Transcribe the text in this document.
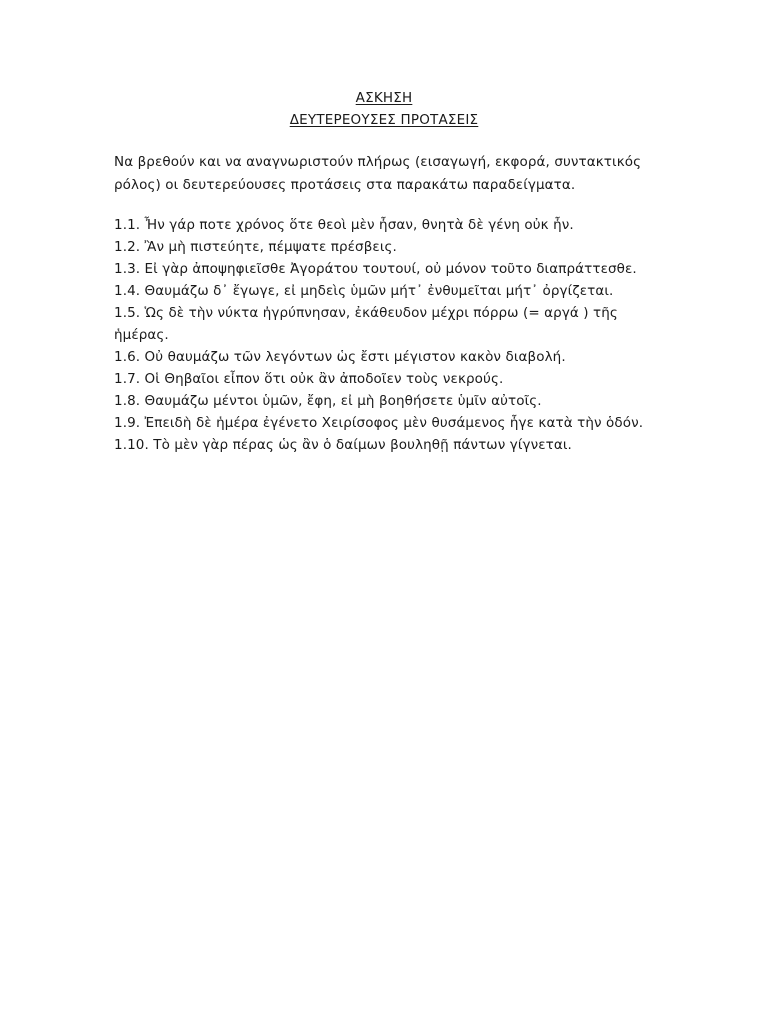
ΑΣΚΗΣΗ
ΔΕΥΤΕΡΕΟΥΣΕΣ ΠΡΟΤΑΣΕΙΣ

Να βρεθούν και να αναγνωριστούν πλήρως (εισαγωγή, εκφορά, συντακτικός ρόλος) οι δευτερεύουσες προτάσεις στα παρακάτω παραδείγματα.

1.1. Ἦν γάρ ποτε χρόνος ὅτε θεοὶ μὲν ἦσαν, θνητὰ δὲ γένη οὐκ ἦν.
1.2. Ἂν μὴ πιστεύητε, πέμψατε πρέσβεις.
1.3. Εἰ γὰρ ἀποψηφιεῖσθε Ἀγοράτου τουτουί, οὐ μόνον τοῦτο διαπράττεσθε.
1.4. Θαυμάζω δ᾽ ἔγωγε, εἰ μηδεὶς ὑμῶν μήτ᾽ ἐνθυμεῖται μήτ᾽ ὀργίζεται.
1.5. Ὡς δὲ τὴν νύκτα ἠγρύπνησαν, ἐκάθευδον μέχρι πόρρω (= αργά ) τῆς ἡμέρας.
1.6. Οὐ θαυμάζω τῶν λεγόντων ὡς ἔστι μέγιστον κακὸν διαβολή.
1.7. Οἱ Θηβαῖοι εἶπον ὅτι οὐκ ἂν ἀποδοῖεν τοὺς νεκρούς.
1.8. Θαυμάζω μέντοι ὑμῶν, ἔφη, εἰ μὴ βοηθήσετε ὑμῖν αὐτοῖς.
1.9. Ἐπειδὴ δὲ ἡμέρα ἐγένετο Χειρίσοφος μὲν θυσάμενος ἦγε κατὰ τὴν ὁδόν.
1.10. Τὸ μὲν γὰρ πέρας ὡς ἂν ὁ δαίμων βουληθῇ πάντων γίγνεται.
